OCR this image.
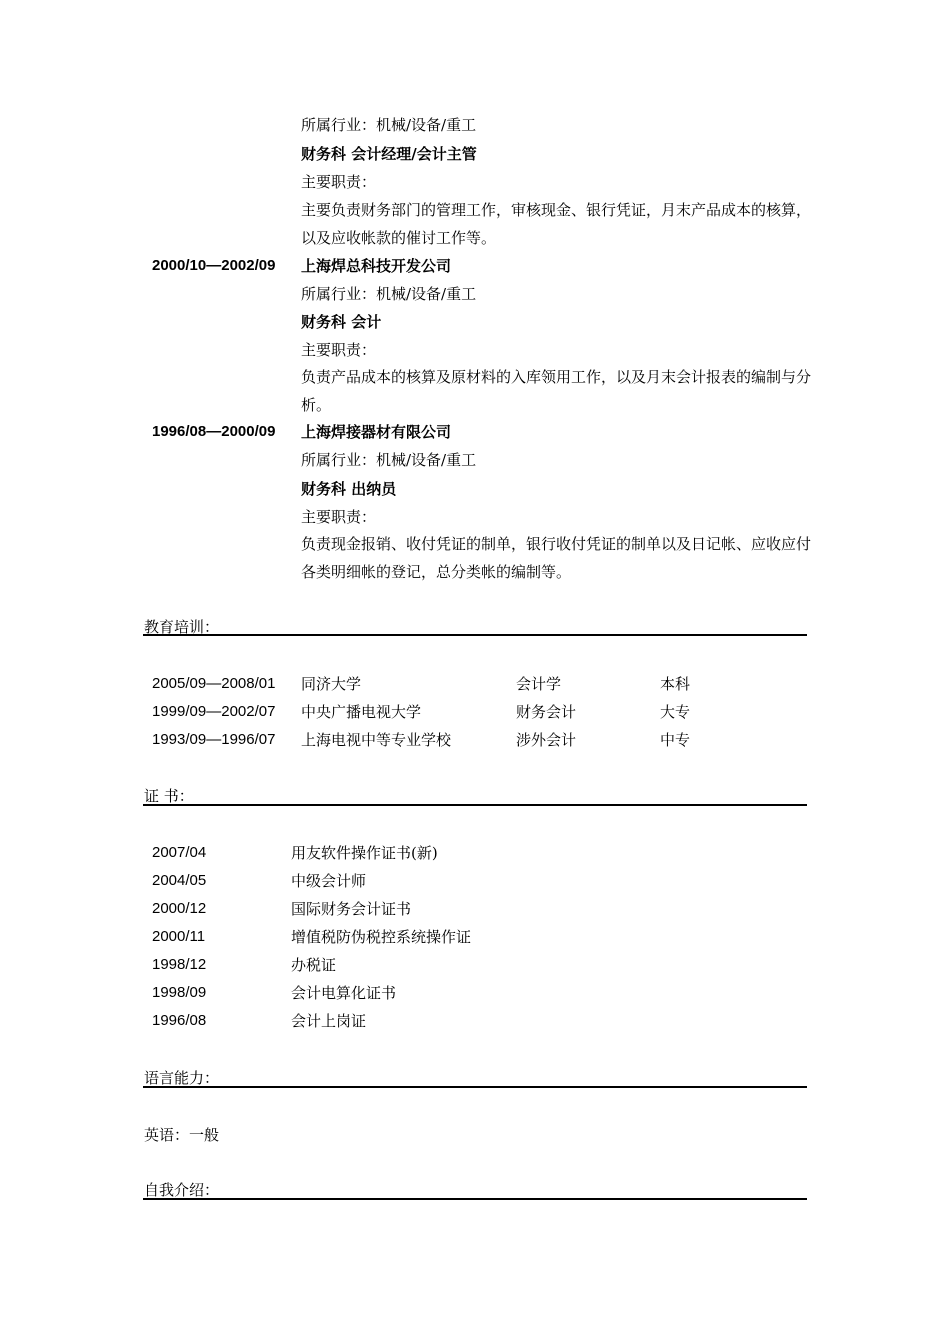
所属行业：机械/设备/重工
财务科 会计经理/会计主管
主要职责：
主要负责财务部门的管理工作，审核现金、银行凭证，月末产品成本的核算，以及应收帐款的催讨工作等。
2000/10—2002/09 上海焊总科技开发公司
所属行业：机械/设备/重工
财务科 会计
主要职责：
负责产品成本的核算及原材料的入库领用工作，以及月末会计报表的编制与分析。
1996/08—2000/09 上海焊接器材有限公司
所属行业：机械/设备/重工
财务科 出纳员
主要职责：
负责现金报销、收付凭证的制单，银行收付凭证的制单以及日记帐、应收应付各类明细帐的登记，总分类帐的编制等。
教育培训：
2005/09—2008/01 同济大学	会计学	本科
1999/09—2002/07 中央广播电视大学	财务会计	大专
1993/09—1996/07 上海电视中等专业学校	涉外会计	中专
证 书：
2007/04	用友软件操作证书(新)
2004/05	中级会计师
2000/12	国际财务会计证书
2000/11	增值税防伪税控系统操作证
1998/12	办税证
1998/09	会计电算化证书
1996/08	会计上岗证
语言能力：
英语：一般
自我介绍：
